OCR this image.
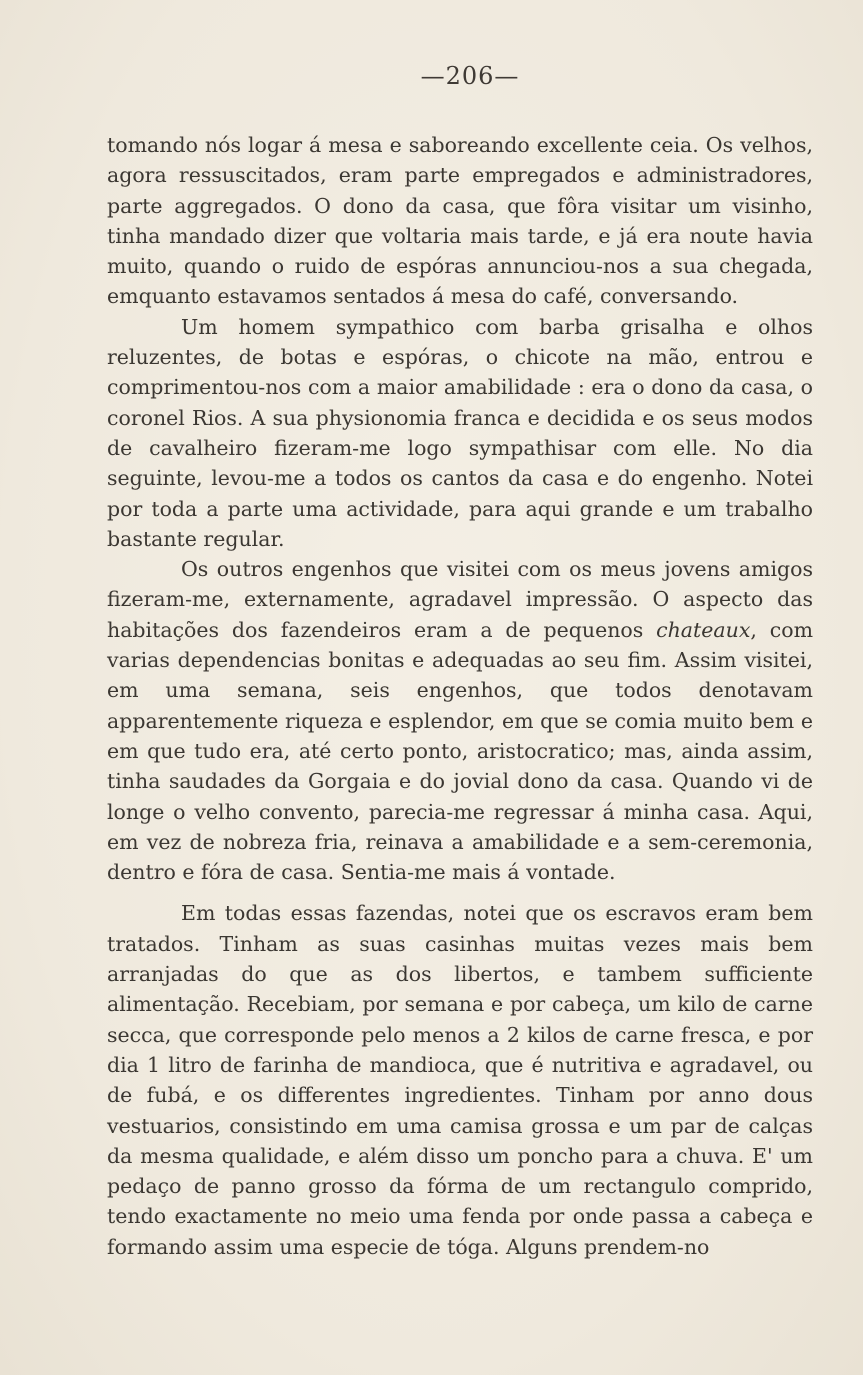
—206—

tomando nós logar á mesa e saboreando excellente ceia. Os velhos, agora ressuscitados, eram parte empregados e administradores, parte aggregados. O dono da casa, que fôra visitar um visinho, tinha mandado dizer que voltaria mais tarde, e já era noute havia muito, quando o ruido de espóras annunciou-nos a sua chegada, emquanto estavamos sentados á mesa do café, conversando.

Um homem sympathico com barba grisalha e olhos reluzentes, de botas e espóras, o chicote na mão, entrou e comprimentou-nos com a maior amabilidade : era o dono da casa, o coronel Rios. A sua physionomia franca e decidida e os seus modos de cavalheiro fizeram-me logo sympathisar com elle. No dia seguinte, levou-me a todos os cantos da casa e do engenho. Notei por toda a parte uma actividade, para aqui grande e um trabalho bastante regular.

Os outros engenhos que visitei com os meus jovens amigos fizeram-me, externamente, agradavel impressão. O aspecto das habitações dos fazendeiros eram a de pequenos chateaux, com varias dependencias bonitas e adequadas ao seu fim. Assim visitei, em uma semana, seis engenhos, que todos denotavam apparentemente riqueza e esplendor, em que se comia muito bem e em que tudo era, até certo ponto, aristocratico; mas, ainda assim, tinha saudades da Gorgaia e do jovial dono da casa. Quando vi de longe o velho convento, parecia-me regressar á minha casa. Aqui, em vez de nobreza fria, reinava a amabilidade e a sem-ceremonia, dentro e fóra de casa. Sentia-me mais á vontade.

Em todas essas fazendas, notei que os escravos eram bem tratados. Tinham as suas casinhas muitas vezes mais bem arranjadas do que as dos libertos, e tambem sufficiente alimentação. Recebiam, por semana e por cabeça, um kilo de carne secca, que corresponde pelo menos a 2 kilos de carne fresca, e por dia 1 litro de farinha de mandioca, que é nutritiva e agradavel, ou de fubá, e os differentes ingredientes. Tinham por anno dous vestuarios, consistindo em uma camisa grossa e um par de calças da mesma qualidade, e além disso um poncho para a chuva. E' um pedaço de panno grosso da fórma de um rectangulo comprido, tendo exactamente no meio uma fenda por onde passa a cabeça e formando assim uma especie de tóga. Alguns prendem-no
